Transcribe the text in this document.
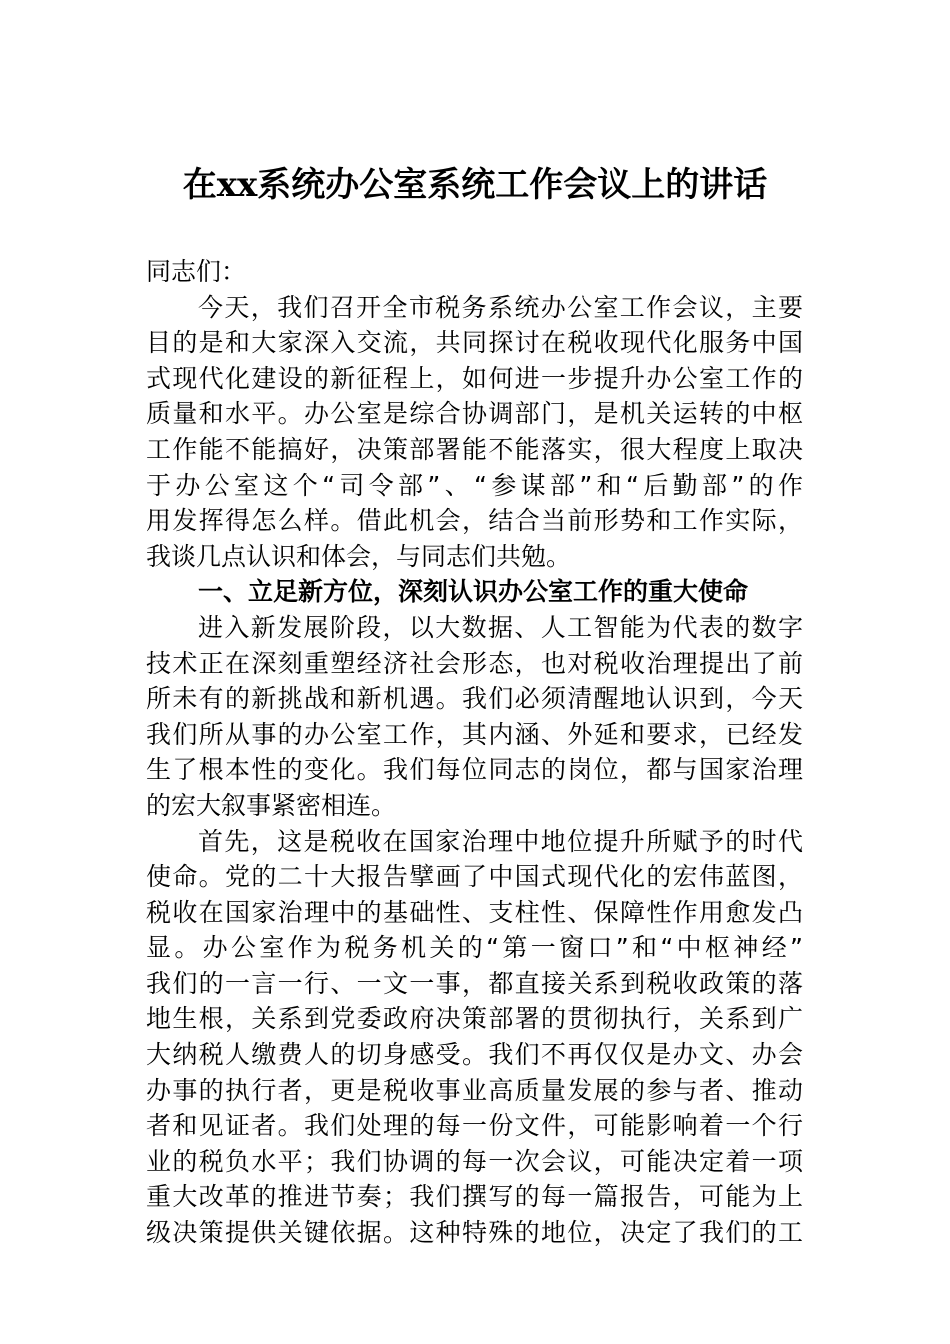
在xx系统办公室系统工作会议上的讲话
同志们：
今天，我们召开全市税务系统办公室工作会议，主要
目的是和大家深入交流，共同探讨在税收现代化服务中国
式现代化建设的新征程上，如何进一步提升办公室工作的
质量和水平。办公室是综合协调部门，是机关运转的中枢
工作能不能搞好，决策部署能不能落实，很大程度上取决
于办公室这个“司令部”、“参谋部”和“后勤部”的作
用发挥得怎么样。借此机会，结合当前形势和工作实际，
我谈几点认识和体会，与同志们共勉。
一、立足新方位，深刻认识办公室工作的重大使命
进入新发展阶段，以大数据、人工智能为代表的数字
技术正在深刻重塑经济社会形态，也对税收治理提出了前
所未有的新挑战和新机遇。我们必须清醒地认识到，今天
我们所从事的办公室工作，其内涵、外延和要求，已经发
生了根本性的变化。我们每位同志的岗位，都与国家治理
的宏大叙事紧密相连。
首先，这是税收在国家治理中地位提升所赋予的时代
使命。党的二十大报告擘画了中国式现代化的宏伟蓝图，
税收在国家治理中的基础性、支柱性、保障性作用愈发凸
显。办公室作为税务机关的“第一窗口”和“中枢神经”
我们的一言一行、一文一事，都直接关系到税收政策的落
地生根，关系到党委政府决策部署的贯彻执行，关系到广
大纳税人缴费人的切身感受。我们不再仅仅是办文、办会
办事的执行者，更是税收事业高质量发展的参与者、推动
者和见证者。我们处理的每一份文件，可能影响着一个行
业的税负水平；我们协调的每一次会议，可能决定着一项
重大改革的推进节奏；我们撰写的每一篇报告，可能为上
级决策提供关键依据。这种特殊的地位，决定了我们的工
